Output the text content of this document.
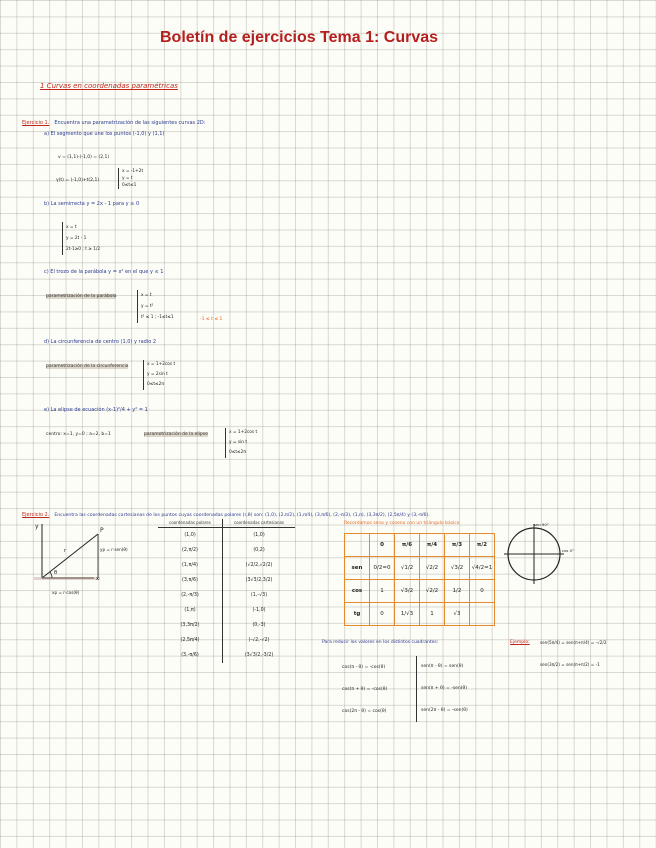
Boletín de ejercicios Tema 1: Curvas
1 Curvas en coordenadas paramétricas
Ejercicio 1. Encuentra una parametrización de las siguientes curvas 2D:
a) El segmento que une los puntos (-1,0) y (1,1)
v = (1,1)-(-1,0) = (2,1)
γ(t) = (-1,0)+t(2,1)
x = -1+2t
y = t
0≤t≤1
b) La semirrecta y = 2x - 1 para y ≥ 0
x = t
y = 2t - 1
2t-1≥0 ; t ≥ 1/2
c) El trozo de la parábola y = x² en el que y ≤ 1
parametrización de la parábola	x = t
y = t²
t² ≤ 1 ; -1≤t≤1	-1 ≤ t ≤ 1
d) La circunferencia de centro (1,0) y radio 2
parametrización de la circunferencia	x = 1+2cos t
y = 2sin t
0≤t≤2π
e) La elipse de ecuación (x-1)²/4 + y² = 1
centro: x=1, y=0 ; a=2, b=1	parametrización de la elipse	x = 1+2cos t
y = sin t
0≤t≤2π
Ejercicio 2. Encuentra las coordenadas cartesianas de los puntos cuyas coordenadas polares (r,θ) son: (1,0), (2,π/2), (1,π/4), (3,π/6), (2,-π/3), (1,π), (3,3π/2), (2,5π/4) y (3,-π/6).
y
x
P
r
θ
yp = r·sen(θ)
xp = r·cos(θ)
coordenadas polares	coordenadas cartesianas
(1,0)	(1,0)
(2,π/2)	(0,2)
(1,π/4)	(√2/2,√2/2)
(3,π/6)	(3√3/2,3/2)
(2,-π/3)	(1,-√3)
(1,π)	(-1,0)
(3,3π/2)	(0,-3)
(2,5π/4)	(-√2,-√2)
(3,-π/6)	(3√3/2,-3/2)
Recordamos seno y coseno con un triángulo básico
	0	π/6	π/4	π/3	π/2
sen	0/2=0	√1/2	√2/2	√3/2	√4/2=1
cos	1	√3/2	√2/2	1/2	0
tg	0	1/√3	1	√3	
sen 90°
cos 0°
Para reducir los valores en los distintos cuadrantes:
cos(π - θ) = -cos(θ)	sen(π - θ) = sen(θ)
cos(π + θ) = -cos(θ)	sen(π + θ) = -sen(θ)
cos(2π - θ) = cos(θ)	sen(2π - θ) = -sen(θ)
Ejemplo: sen(5π/4) = sen(π+π/4) = -√2/2
sen(3π/2) = sen(π+π/2) = -1
